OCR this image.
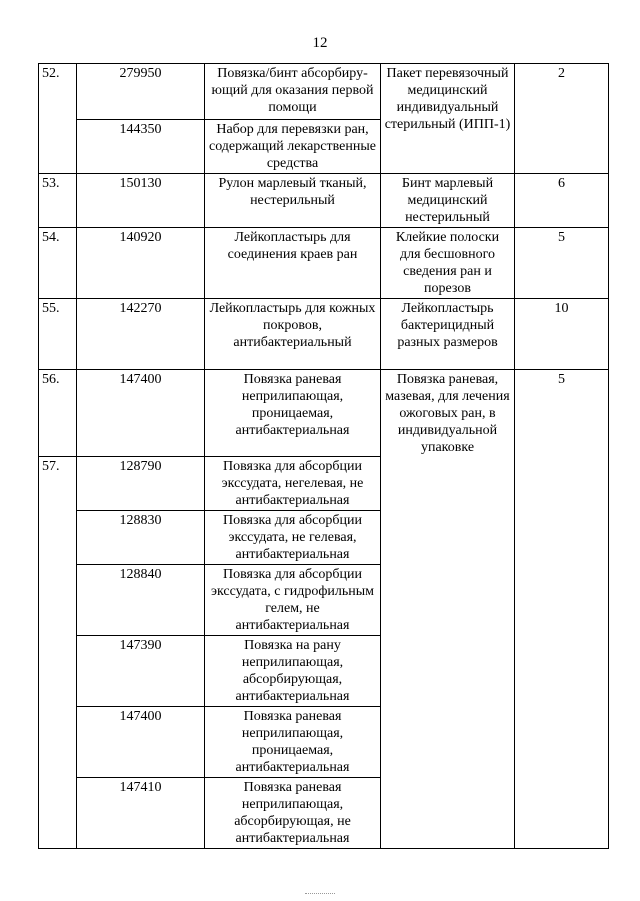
12
52.	279950	Повязка/бинт абсорбиру-ющий для оказания первой помощи	Пакет перевязочный медицинский индивидуальный стерильный (ИПП-1)	2
	144350	Набор для перевязки ран, содержащий лекарственные средства		
53.	150130	Рулон марлевый тканый, нестерильный	Бинт марлевый медицинский нестерильный	6
54.	140920	Лейкопластырь для соединения краев ран	Клейкие полоски для бесшовного сведения ран и порезов	5
55.	142270	Лейкопластырь для кожных покровов, антибактериальный	Лейкопластырь бактерицидный разных размеров	10
56.	147400	Повязка раневая неприлипающая, проницаемая, антибактериальная	Повязка раневая, мазевая, для лечения ожоговых ран, в индивидуальной упаковке	5
57.	128790	Повязка для абсорбции экссудата, негелевая, не антибактериальная		
	128830	Повязка для абсорбции экссудата, не гелевая, антибактериальная		
	128840	Повязка для абсорбции экссудата, с гидрофильным гелем, не антибактериальная		
	147390	Повязка на рану неприлипающая, абсорбирующая, антибактериальная		
	147400	Повязка раневая неприлипающая, проницаемая, антибактериальная		
	147410	Повязка раневая неприлипающая, абсорбирующая, не антибактериальная		
